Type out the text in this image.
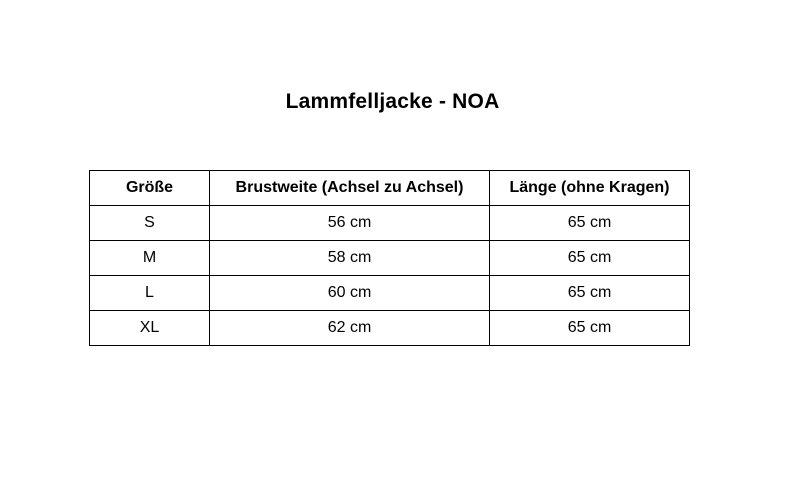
Lammfelljacke - NOA
Größe	Brustweite (Achsel zu Achsel)	Länge (ohne Kragen)
S	56 cm	65 cm
M	58 cm	65 cm
L	60 cm	65 cm
XL	62 cm	65 cm
